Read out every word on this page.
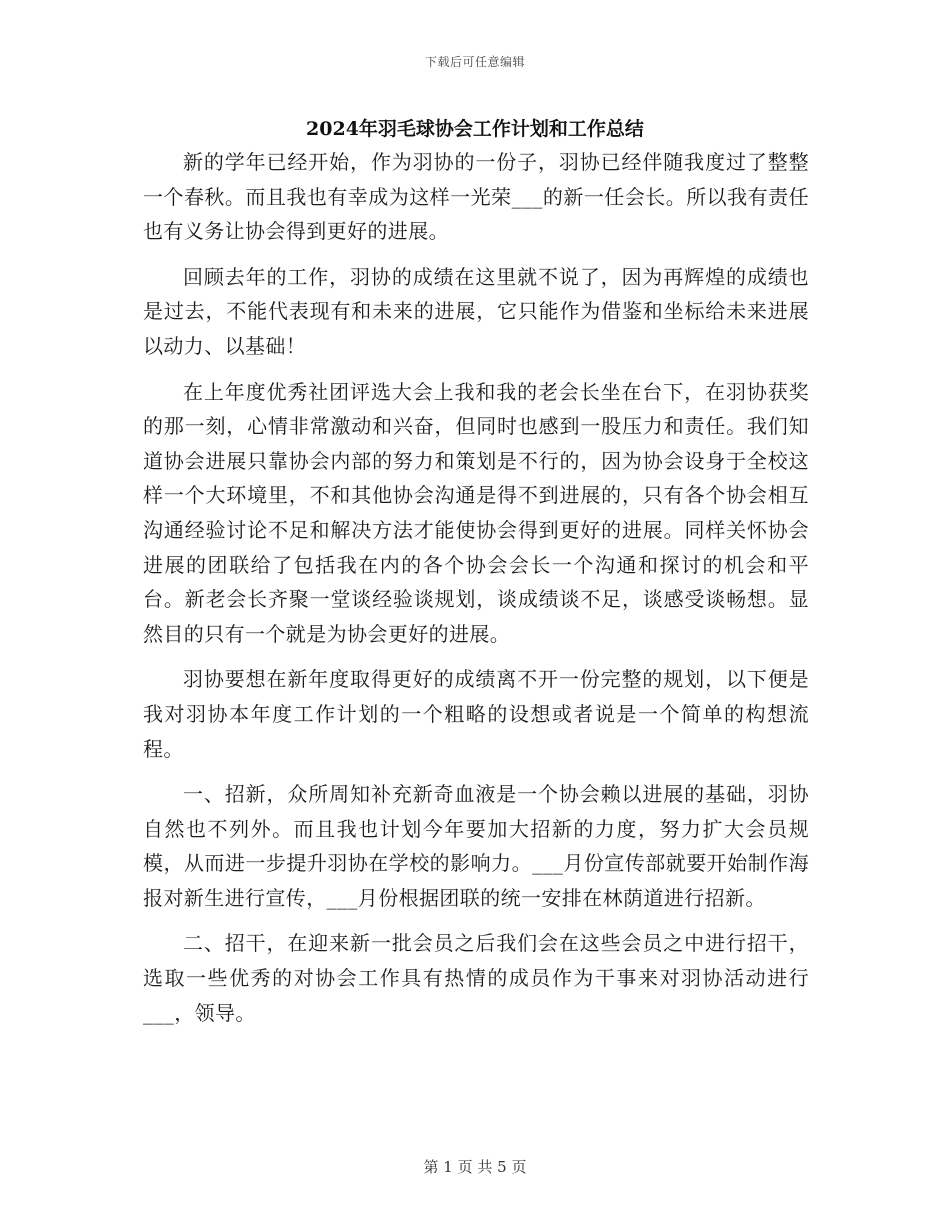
下载后可任意编辑
2024年羽毛球协会工作计划和工作总结

新的学年已经开始，作为羽协的一份子，羽协已经伴随我度过了整整一个春秋。而且我也有幸成为这样一光荣___的新一任会长。所以我有责任也有义务让协会得到更好的进展。

回顾去年的工作，羽协的成绩在这里就不说了，因为再辉煌的成绩也是过去，不能代表现有和未来的进展，它只能作为借鉴和坐标给未来进展以动力、以基础！

在上年度优秀社团评选大会上我和我的老会长坐在台下，在羽协获奖的那一刻，心情非常激动和兴奋，但同时也感到一股压力和责任。我们知道协会进展只靠协会内部的努力和策划是不行的，因为协会设身于全校这样一个大环境里，不和其他协会沟通是得不到进展的，只有各个协会相互沟通经验讨论不足和解决方法才能使协会得到更好的进展。同样关怀协会进展的团联给了包括我在内的各个协会会长一个沟通和探讨的机会和平台。新老会长齐聚一堂谈经验谈规划，谈成绩谈不足，谈感受谈畅想。显然目的只有一个就是为协会更好的进展。

羽协要想在新年度取得更好的成绩离不开一份完整的规划，以下便是我对羽协本年度工作计划的一个粗略的设想或者说是一个简单的构想流程。

一、招新，众所周知补充新奇血液是一个协会赖以进展的基础，羽协自然也不列外。而且我也计划今年要加大招新的力度，努力扩大会员规模，从而进一步提升羽协在学校的影响力。___月份宣传部就要开始制作海报对新生进行宣传，___月份根据团联的统一安排在林荫道进行招新。

二、招干，在迎来新一批会员之后我们会在这些会员之中进行招干，选取一些优秀的对协会工作具有热情的成员作为干事来对羽协活动进行___，领导。

第 1 页 共 5 页
